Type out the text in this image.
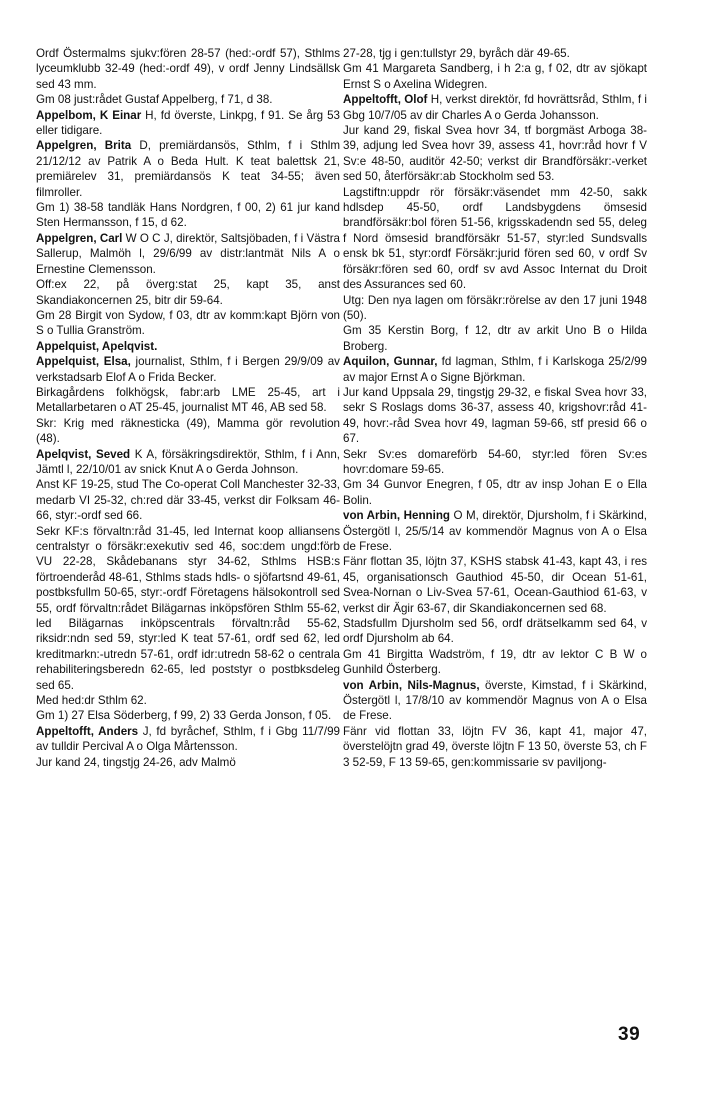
Ordf Östermalms sjukv:fören 28-57 (hed:-ordf 57), Sthlms lyceumklubb 32-49 (hed:-ordf 49), v ordf Jenny Lindsällsk sed 43 mm.

Gm 08 just:rådet Gustaf Appelberg, f 71, d 38.

Appelbom, K Einar H, fd överste, Linkpg, f 91. Se årg 53 eller tidigare.

Appelgren, Brita D, premiärdansös, Sthlm, f i Sthlm 21/12/12 av Patrik A o Beda Hult. K teat balettsk 21, premiärelev 31, premiärdansös K teat 34-55; även filmroller.

Gm 1) 38-58 tandläk Hans Nordgren, f 00, 2) 61 jur kand Sten Hermansson, f 15, d 62.

Appelgren, Carl W O C J, direktör, Saltsjöbaden, f i Västra Sallerup, Malmöh l, 29/6/99 av distr:lantmät Nils A o Ernestine Clemensson.

Off:ex 22, på överg:stat 25, kapt 35, anst Skandiakoncernen 25, bitr dir 59-64.

Gm 28 Birgit von Sydow, f 03, dtr av komm:kapt Björn von S o Tullia Granström.

Appelquist, Apelqvist.

Appelquist, Elsa, journalist, Sthlm, f i Bergen 29/9/09 av verkstadsarb Elof A o Frida Becker.

Birkagårdens folkhögsk, fabr:arb LME 25-45, art i Metallarbetaren o AT 25-45, journalist MT 46, AB sed 58.

Skr: Krig med räknesticka (49), Mamma gör revolution (48).

Apelqvist, Seved K A, försäkringsdirektör, Sthlm, f i Ann, Jämtl l, 22/10/01 av snick Knut A o Gerda Johnson.

Anst KF 19-25, stud The Co-operat Coll Manchester 32-33, medarb VI 25-32, ch:red där 33-45, verkst dir Folksam 46-66, styr:-ordf sed 66.

Sekr KF:s förvaltn:råd 31-45, led Internat koop alliansens centralstyr o försäkr:exekutiv sed 46, soc:dem ungd:förb VU 22-28, Skådebanans styr 34-62, Sthlms HSB:s förtroenderåd 48-61, Sthlms stads hdls- o sjöfartsnd 49-61, postbksfullm 50-65, styr:-ordf Företagens hälsokontroll sed 55, ordf förvaltn:rådet Bilägarnas inköpsfören Sthlm 55-62, led Bilägarnas inköpscentrals förvaltn:råd 55-62, riksidr:ndn sed 59, styr:led K teat 57-61, ordf sed 62, led kreditmarkn:-utredn 57-61, ordf idr:utredn 58-62 o centrala rehabiliteringsberedn 62-65, led poststyr o postbksdeleg sed 65.

Med hed:dr Sthlm 62.

Gm 1) 27 Elsa Söderberg, f 99, 2) 33 Gerda Jonson, f 05.

Appeltofft, Anders J, fd byråchef, Sthlm, f i Gbg 11/7/99 av tulldir Percival A o Olga Mårtensson.

Jur kand 24, tingstjg 24-26, adv Malmö

27-28, tjg i gen:tullstyr 29, byråch där 49-65.

Gm 41 Margareta Sandberg, i h 2:a g, f 02, dtr av sjökapt Ernst S o Axelina Widegren.

Appeltofft, Olof H, verkst direktör, fd hovrättsråd, Sthlm, f i Gbg 10/7/05 av dir Charles A o Gerda Johansson.

Jur kand 29, fiskal Svea hovr 34, tf borgmäst Arboga 38-39, adjung led Svea hovr 39, assess 41, hovr:råd hovr f V Sv:e 48-50, auditör 42-50; verkst dir Brandförsäkr:-verket sed 50, återförsäkr:ab Stockholm sed 53.

Lagstiftn:uppdr rör försäkr:väsendet mm 42-50, sakk hdlsdep 45-50, ordf Landsbygdens ömsesid brandförsäkr:bol fören 51-56, krigsskadendn sed 55, deleg f Nord ömsesid brandförsäkr 51-57, styr:led Sundsvalls ensk bk 51, styr:ordf Försäkr:jurid fören sed 60, v ordf Sv försäkr:fören sed 60, ordf sv avd Assoc Internat du Droit des Assurances sed 60.

Utg: Den nya lagen om försäkr:rörelse av den 17 juni 1948 (50).

Gm 35 Kerstin Borg, f 12, dtr av arkit Uno B o Hilda Broberg.

Aquilon, Gunnar, fd lagman, Sthlm, f i Karlskoga 25/2/99 av major Ernst A o Signe Björkman.

Jur kand Uppsala 29, tingstjg 29-32, e fiskal Svea hovr 33, sekr S Roslags doms 36-37, assess 40, krigshovr:råd 41-49, hovr:-råd Svea hovr 49, lagman 59-66, stf presid 66 o 67.

Sekr Sv:es domareförb 54-60, styr:led fören Sv:es hovr:domare 59-65.

Gm 34 Gunvor Enegren, f 05, dtr av insp Johan E o Ella Bolin.

von Arbin, Henning O M, direktör, Djursholm, f i Skärkind, Östergötl l, 25/5/14 av kommendör Magnus von A o Elsa de Frese.

Fänr flottan 35, löjtn 37, KSHS stabsk 41-43, kapt 43, i res 45, organisationsch Gauthiod 45-50, dir Ocean 51-61, Svea-Nornan o Liv-Svea 57-61, Ocean-Gauthiod 61-63, v verkst dir Ägir 63-67, dir Skandiakoncernen sed 68.

Stadsfullm Djursholm sed 56, ordf drätselkamm sed 64, v ordf Djursholm ab 64.

Gm 41 Birgitta Wadström, f 19, dtr av lektor C B W o Gunhild Österberg.

von Arbin, Nils-Magnus, överste, Kimstad, f i Skärkind, Östergötl l, 17/8/10 av kommendör Magnus von A o Elsa de Frese.

Fänr vid flottan 33, löjtn FV 36, kapt 41, major 47, överstelöjtn grad 49, överste löjtn F 13 50, överste 53, ch F 3 52-59, F 13 59-65, gen:kommissarie sv paviljong-

39
